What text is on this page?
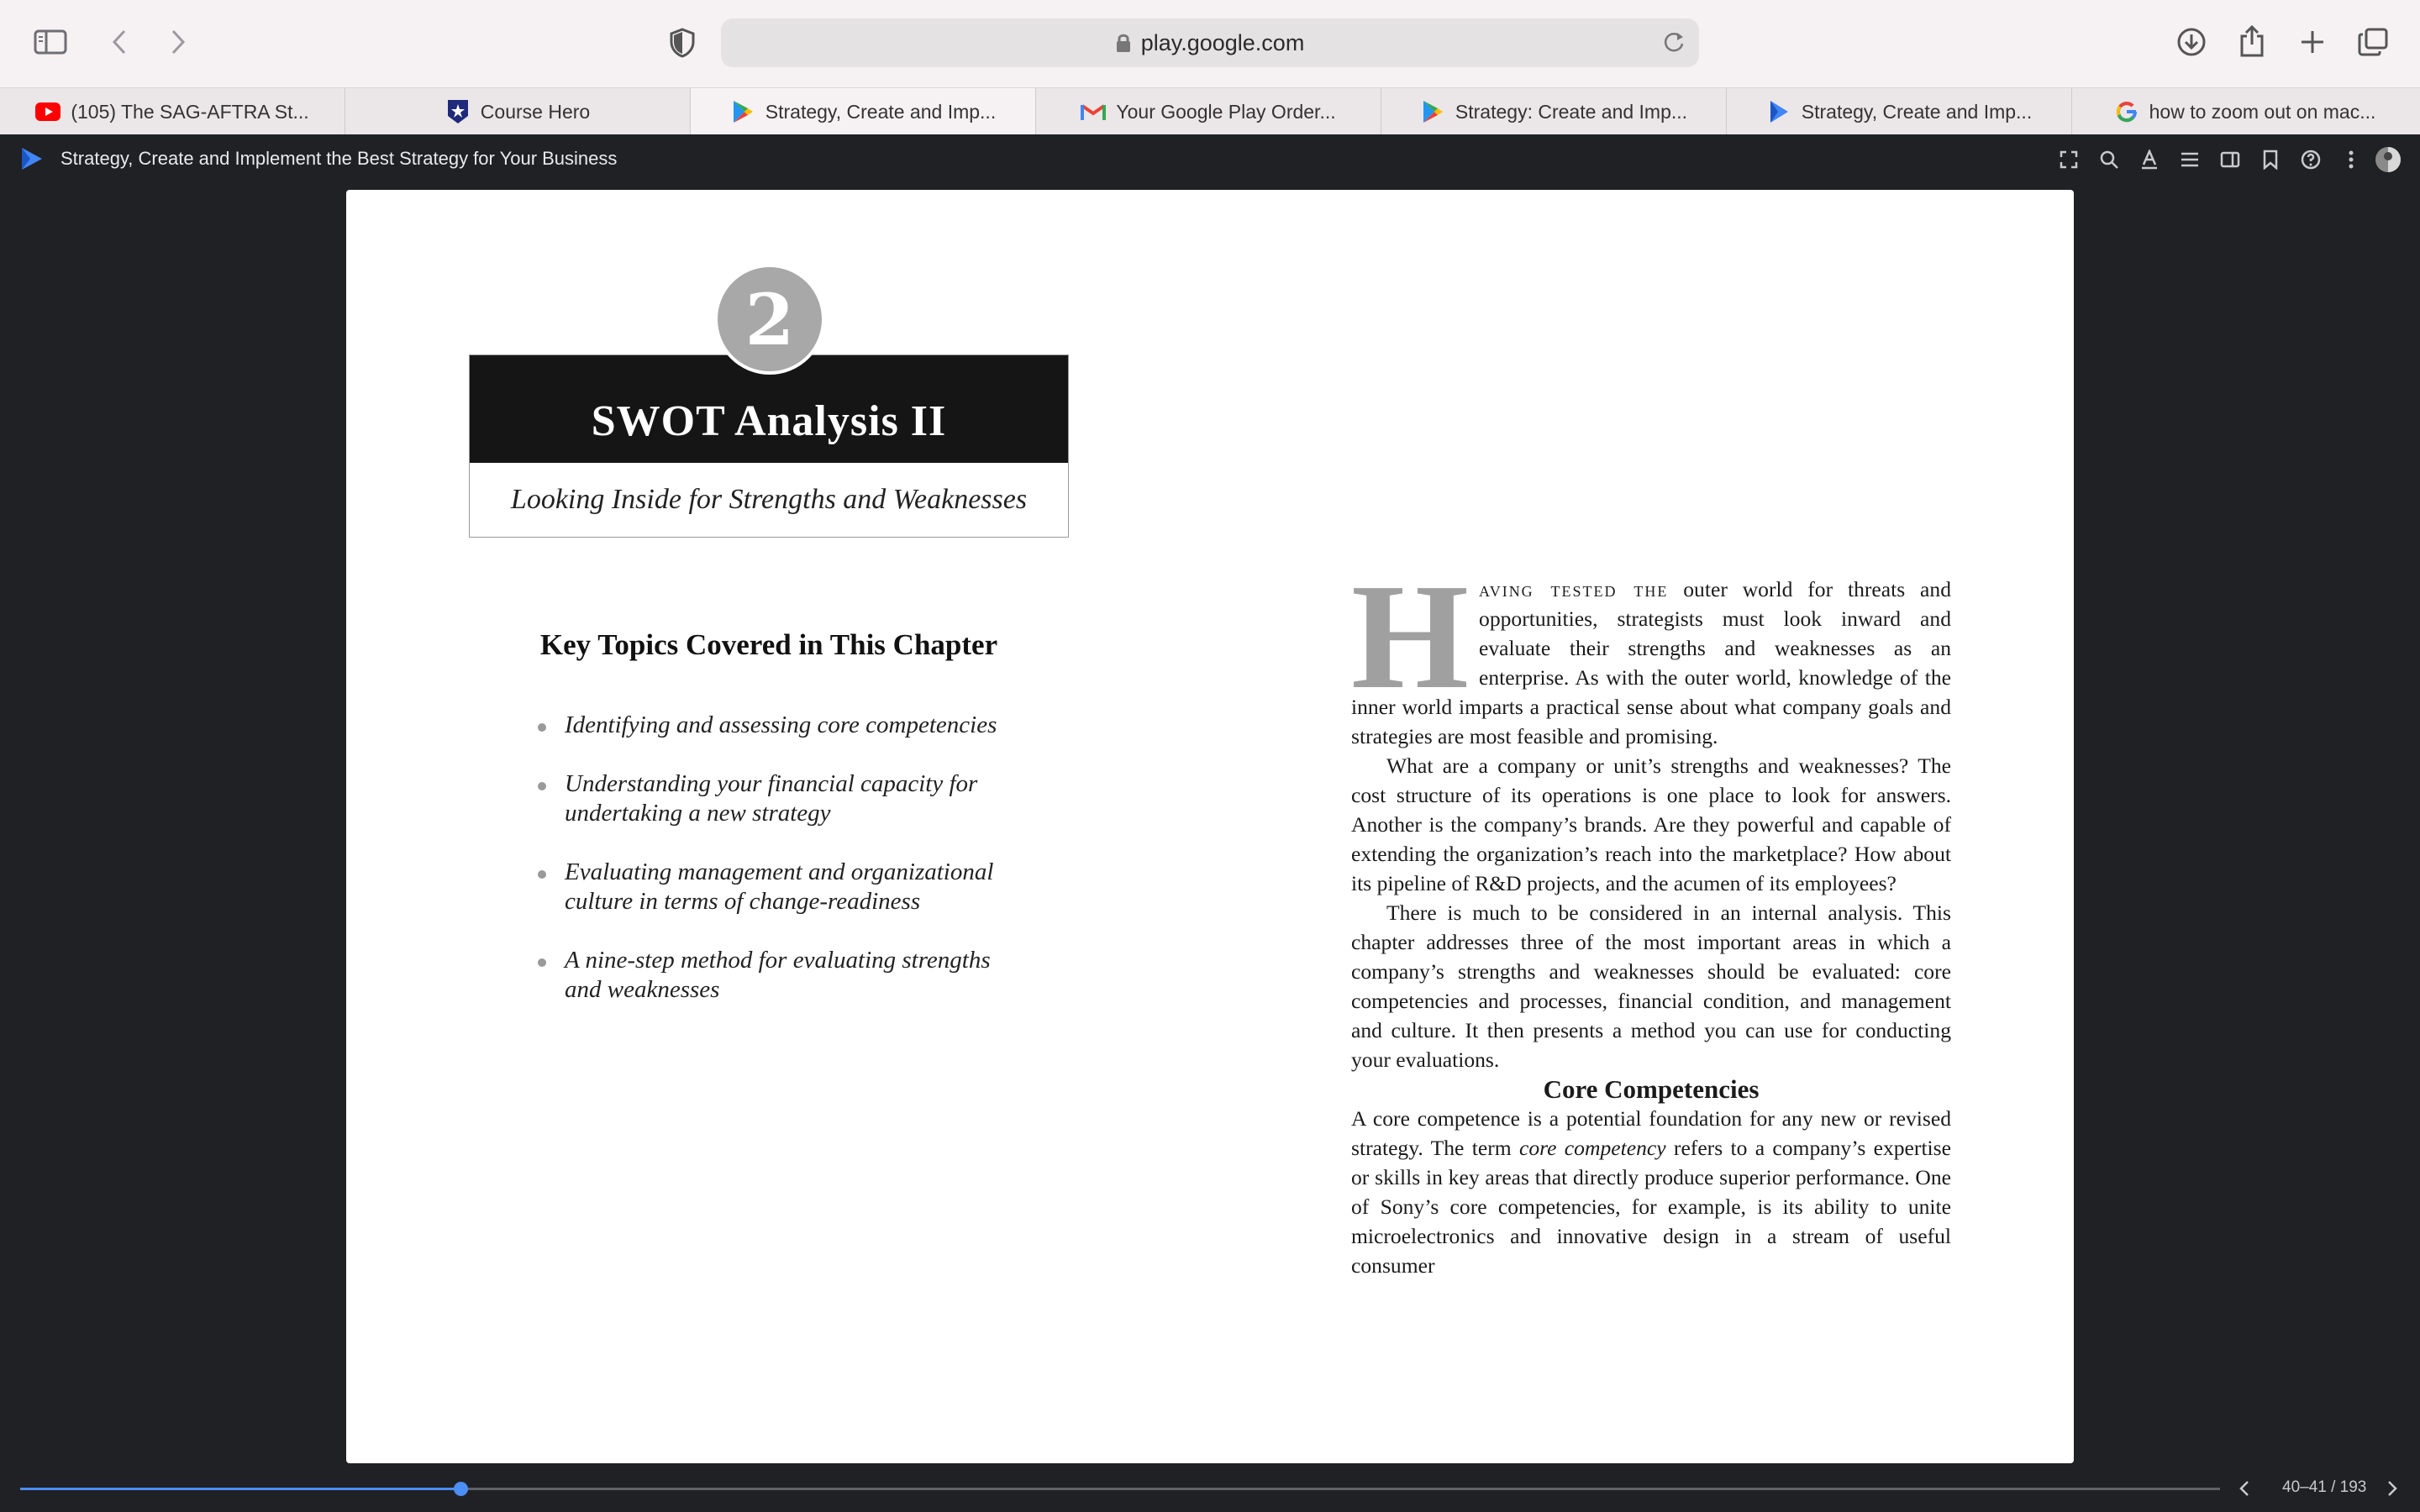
play.google.com
(105) The SAG-AFTRA St...	Course Hero	Strategy, Create and Imp...	Your Google Play Order...	Strategy: Create and Imp...	Strategy, Create and Imp...	how to zoom out on mac...
Strategy, Create and Implement the Best Strategy for Your Business
2
SWOT Analysis II
Looking Inside for Strengths and Weaknesses
Key Topics Covered in This Chapter
Identifying and assessing core competencies
Understanding your financial capacity for undertaking a new strategy
Evaluating management and organizational culture in terms of change-readiness
A nine-step method for evaluating strengths and weaknesses

Having tested the outer world for threats and opportunities, strategists must look inward and evaluate their strengths and weaknesses as an enterprise. As with the outer world, knowledge of the inner world imparts a practical sense about what company goals and strategies are most feasible and promising.

What are a company or unit’s strengths and weaknesses? The cost structure of its operations is one place to look for answers. Another is the company’s brands. Are they powerful and capable of extending the organization’s reach into the marketplace? How about its pipeline of R&D projects, and the acumen of its employees?

There is much to be considered in an internal analysis. This chapter addresses three of the most important areas in which a company’s strengths and weaknesses should be evaluated: core competencies and processes, financial condition, and management and culture. It then presents a method you can use for conducting your evaluations.

Core Competencies

A core competence is a potential foundation for any new or revised strategy. The term core competency refers to a company’s expertise or skills in key areas that directly produce superior performance. One of Sony’s core competencies, for example, is its ability to unite microelectronics and innovative design in a stream of useful consumer

40–41 / 193
